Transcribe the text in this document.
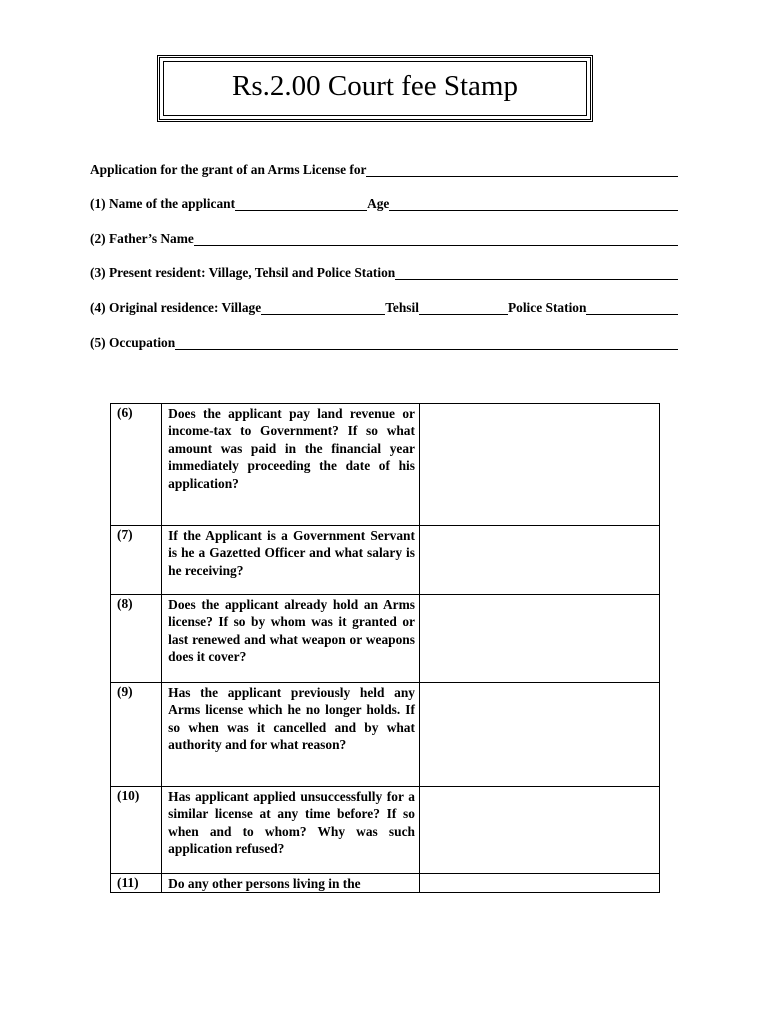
Rs.2.00 Court fee Stamp
Application for the grant of an Arms License for
(1) Name of the applicant	Age
(2) Father’s Name
(3) Present resident: Village, Tehsil and Police Station
(4) Original residence: Village	Tehsil	Police Station
(5) Occupation
(6)	Does the applicant pay land revenue or income-tax to Government? If so what amount was paid in the financial year immediately proceeding the date of his application?	
(7)	If the Applicant is a Government Servant is he a Gazetted Officer and what salary is he receiving?	
(8)	Does the applicant already hold an Arms license? If so by whom was it granted or last renewed and what weapon or weapons does it cover?	
(9)	Has the applicant previously held any Arms license which he no longer holds. If so when was it cancelled and by what authority and for what reason?	
(10)	Has applicant applied unsuccessfully for a similar license at any time before? If so when and to whom? Why was such application refused?	
(11)	Do any other persons living in the	
